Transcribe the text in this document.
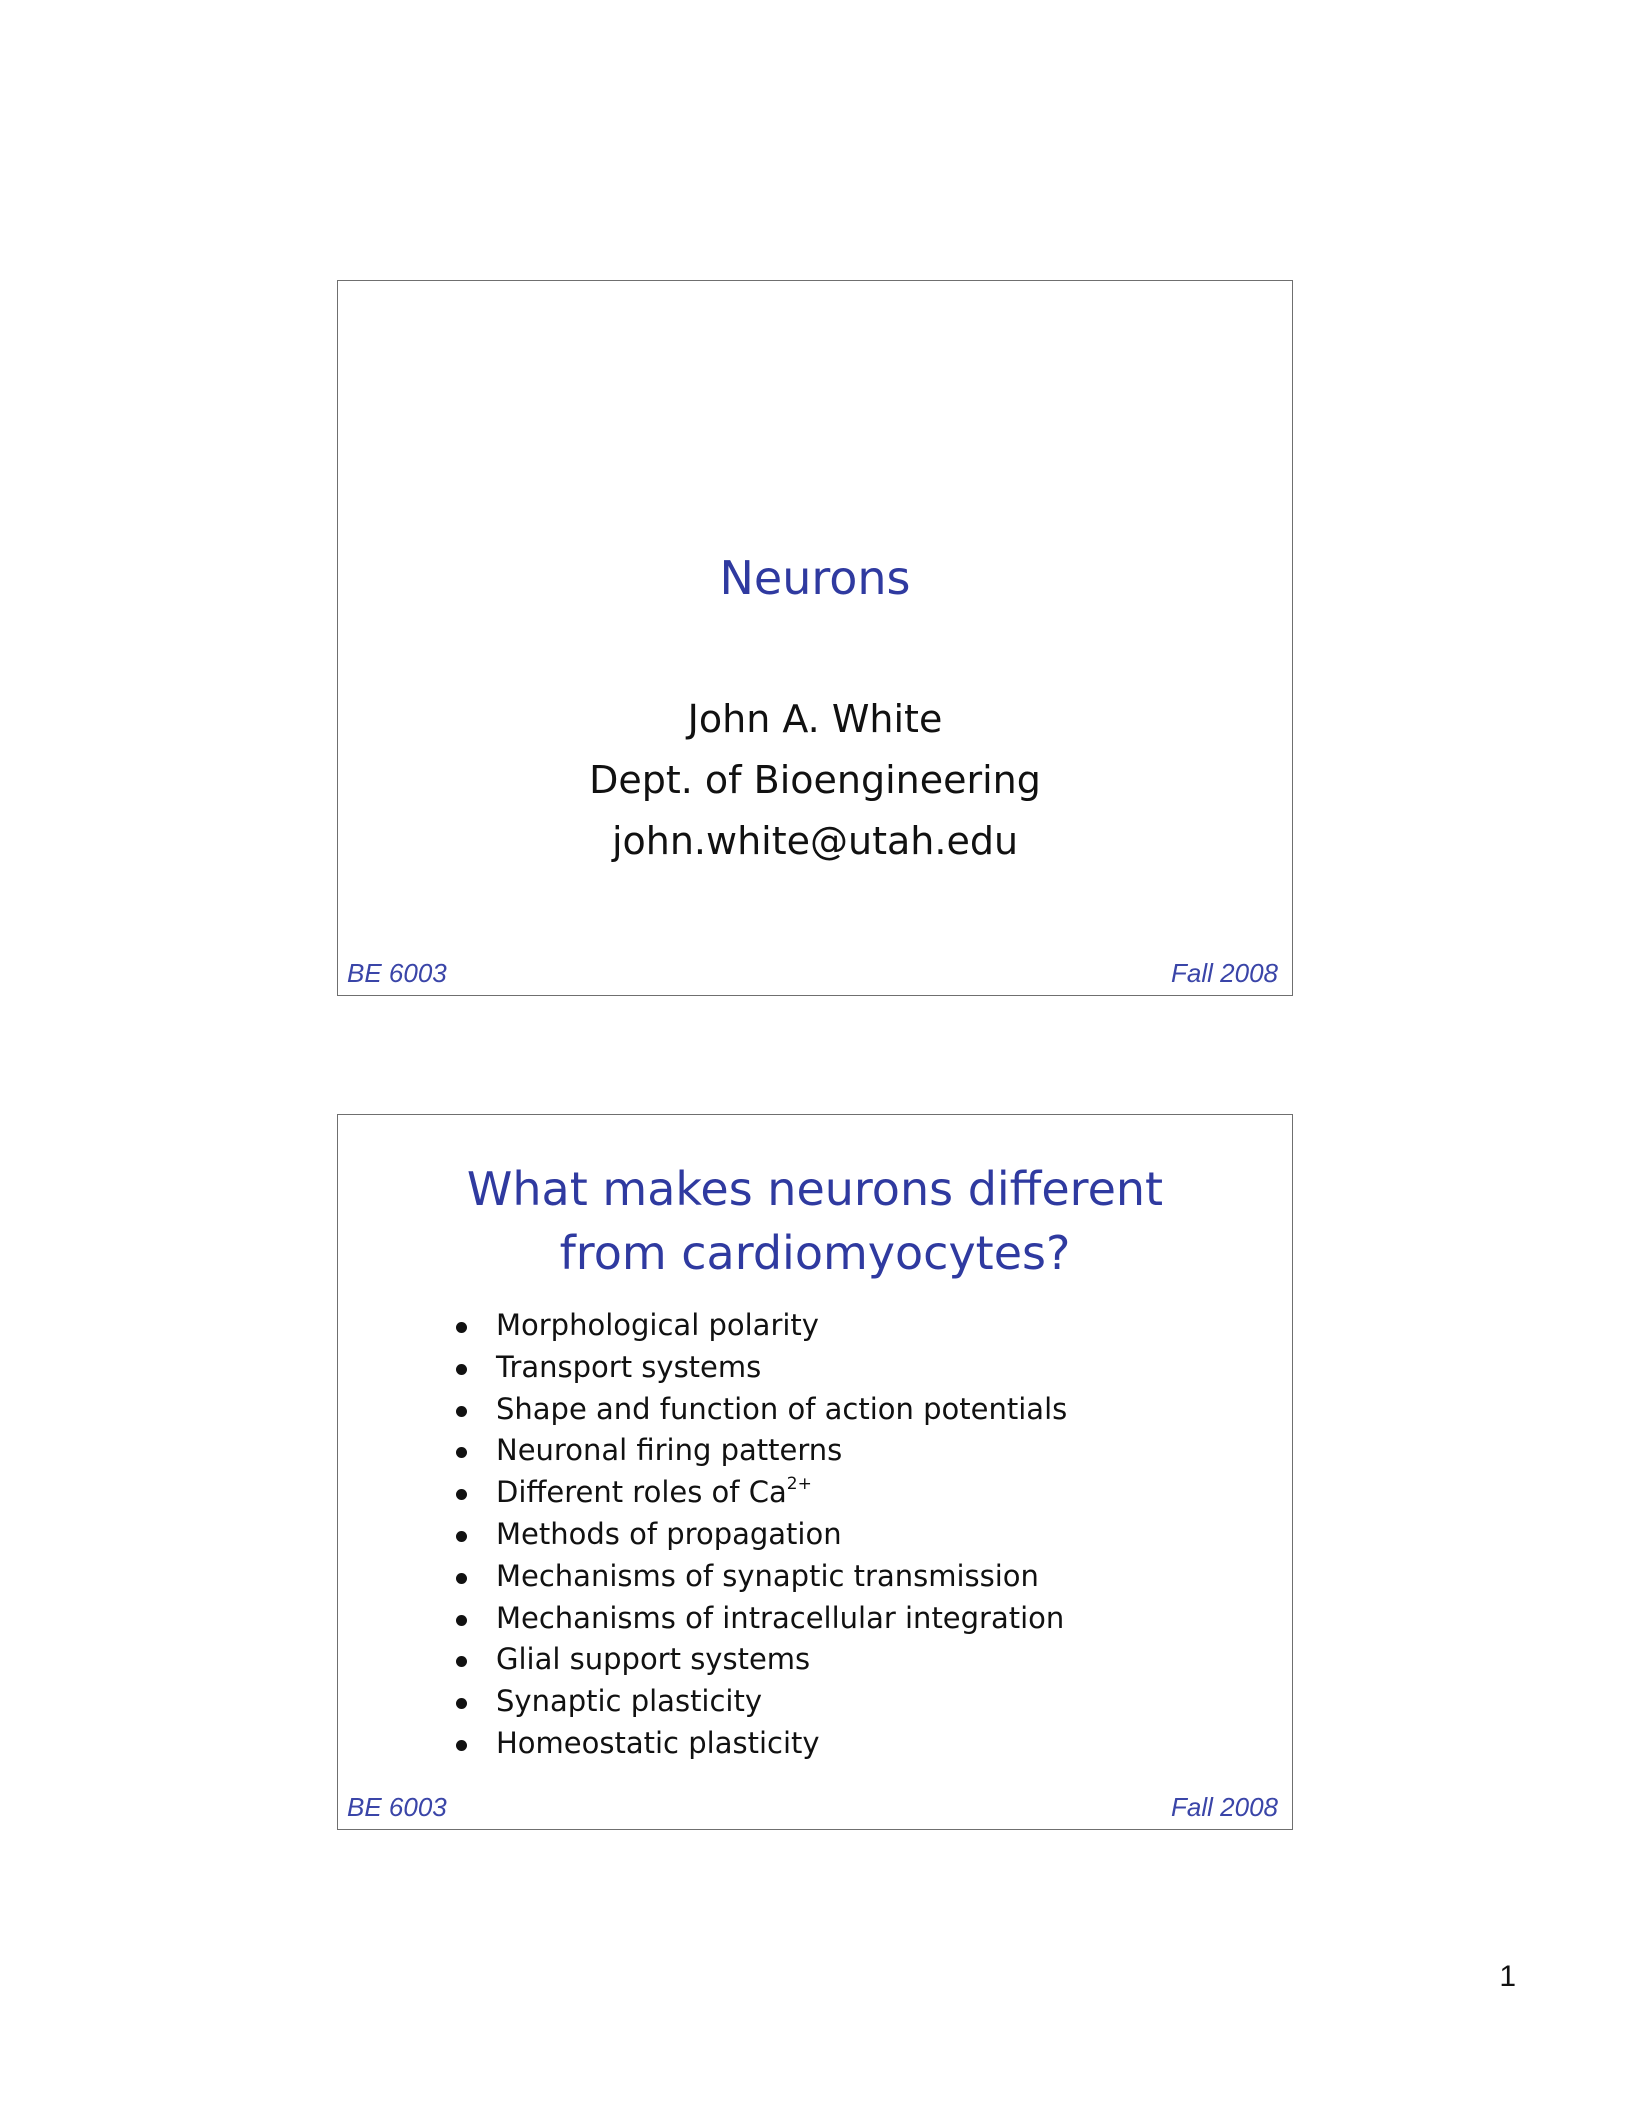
Neurons
John A. White
Dept. of Bioengineering
john.white@utah.edu
BE 6003	Fall 2008
What makes neurons different
from cardiomyocytes?
Morphological polarity
Transport systems
Shape and function of action potentials
Neuronal firing patterns
Different roles of $Ca^{2+}$
Methods of propagation
Mechanisms of synaptic transmission
Mechanisms of intracellular integration
Glial support systems
Synaptic plasticity
Homeostatic plasticity
BE 6003	Fall 2008
1
